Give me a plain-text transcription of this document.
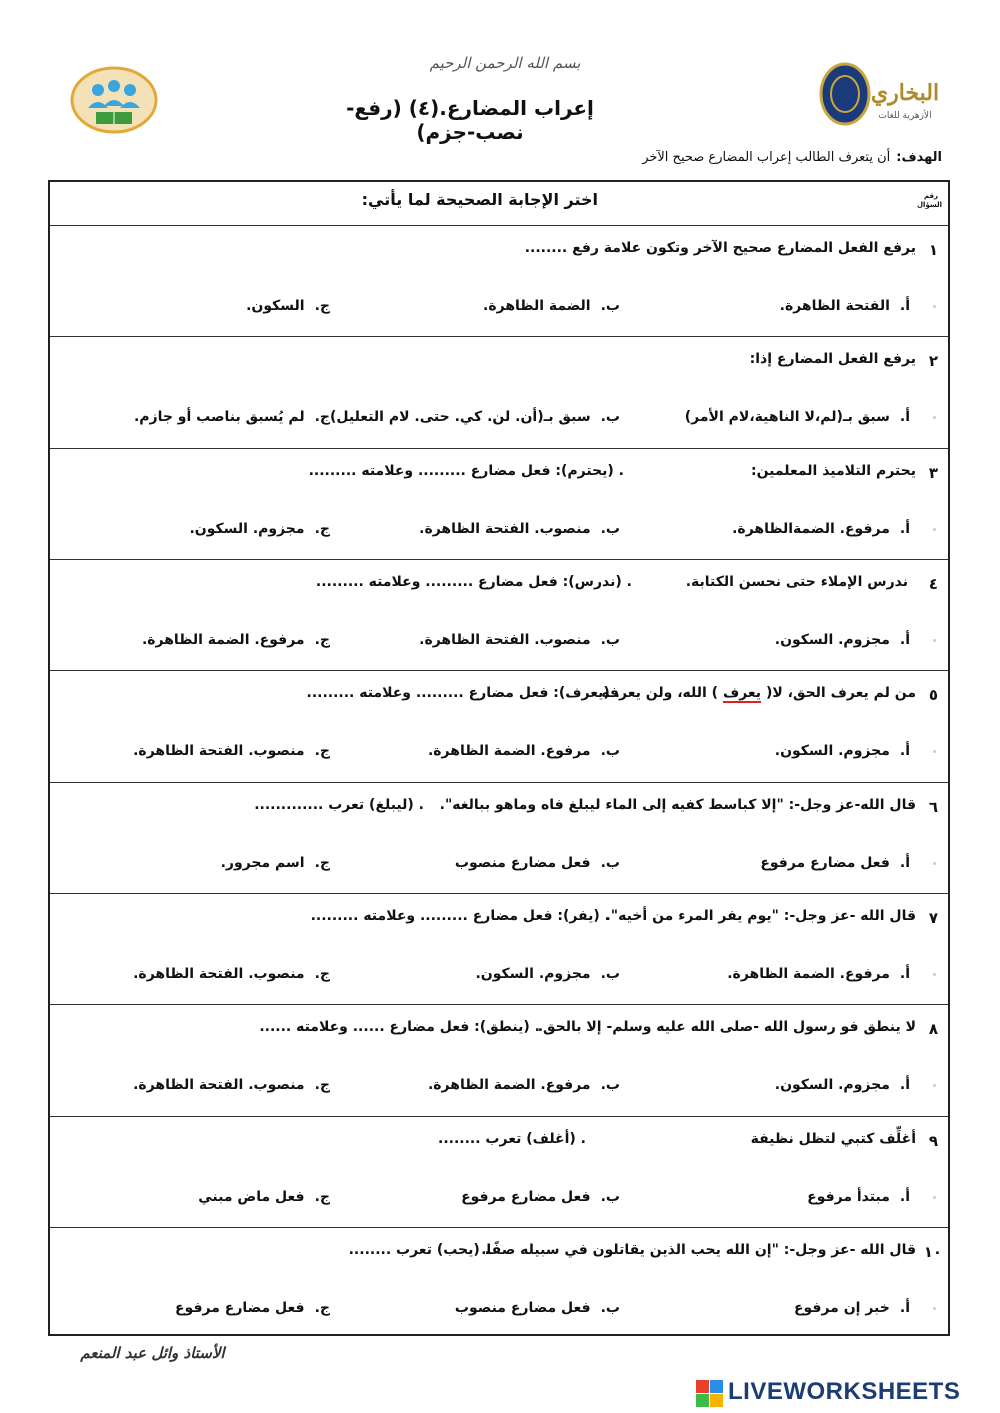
بسم الله الرحمن الرحيم
البخاري
الأزهرية للغات
إعراب المضارع.(٤) (رفع-نصب-جزم)
الهدف:أن يتعرف الطالب إعراب المضارع صحيح الآخر
رقم
السؤال
اختر الإجابة الصحيحة لما يأتي:
١
يرفع الفعل المضارع صحيح الآخر وتكون علامة رفع ........
أ.الفتحة الظاهرة.
ب.الضمة الظاهرة.
ج.السكون.
٢
يرفع الفعل المضارع إذا:
أ.سبق بـ(لم،لا الناهية،لام الأمر)
ب.سبق بـ(أن. لن. كي. حتى. لام التعليل)
ج.لم يُسبق بناصب أو جازم.
٣
يحترم التلاميذ المعلمين:
. (يحترم): فعل مضارع ......... وعلامته .........
أ.مرفوع. الضمةالظاهرة.
ب.منصوب. الفتحة الظاهرة.
ج.مجزوم. السكون.
٤
ندرس الإملاء حتى نحسن الكتابة.
. (ندرس): فعل مضارع ......... وعلامته .........
أ.مجزوم. السكون.
ب.منصوب. الفتحة الظاهرة.
ج.مرفوع. الضمة الظاهرة.
٥
من لم يعرف الحق، لا( يعرف ) الله، ولن يعرفه
. (يعرف): فعل مضارع ......... وعلامته .........
أ.مجزوم. السكون.
ب.مرفوع. الضمة الظاهرة.
ج.منصوب. الفتحة الظاهرة.
٦
قال الله-عز وجل-: "إلا كباسط كفيه إلى الماء ليبلغ فاه وماهو ببالغه".
. (ليبلغ) تعرب .............
أ.فعل مضارع مرفوع
ب.فعل مضارع منصوب
ج.اسم مجرور.
٧
قال الله -عز وجل-: "يوم يفر المرء من أخيه".
. (يفر): فعل مضارع ......... وعلامته .........
أ.مرفوع. الضمة الظاهرة.
ب.مجزوم. السكون.
ج.منصوب. الفتحة الظاهرة.
٨
لا ينطق فو رسول الله -صلى الله عليه وسلم- إلا بالحق.
. (ينطق): فعل مضارع ...... وعلامته ......
أ.مجزوم. السكون.
ب.مرفوع. الضمة الظاهرة.
ج.منصوب. الفتحة الظاهرة.
٩
أغلِّف كتبي لتظل نظيفة
. (أغلف) تعرب ........
أ.مبتدأ مرفوع
ب.فعل مضارع مرفوع
ج.فعل ماض مبني
١٠
قال الله -عز وجل-: "إن الله يحب الذين يقاتلون في سبيله صفًا.
. (يحب) تعرب ........
أ.خبر إن مرفوع
ب.فعل مضارع منصوب
ج.فعل مضارع مرفوع
الأستاذ وائل عبد المنعم
LIVEWORKSHEETS
